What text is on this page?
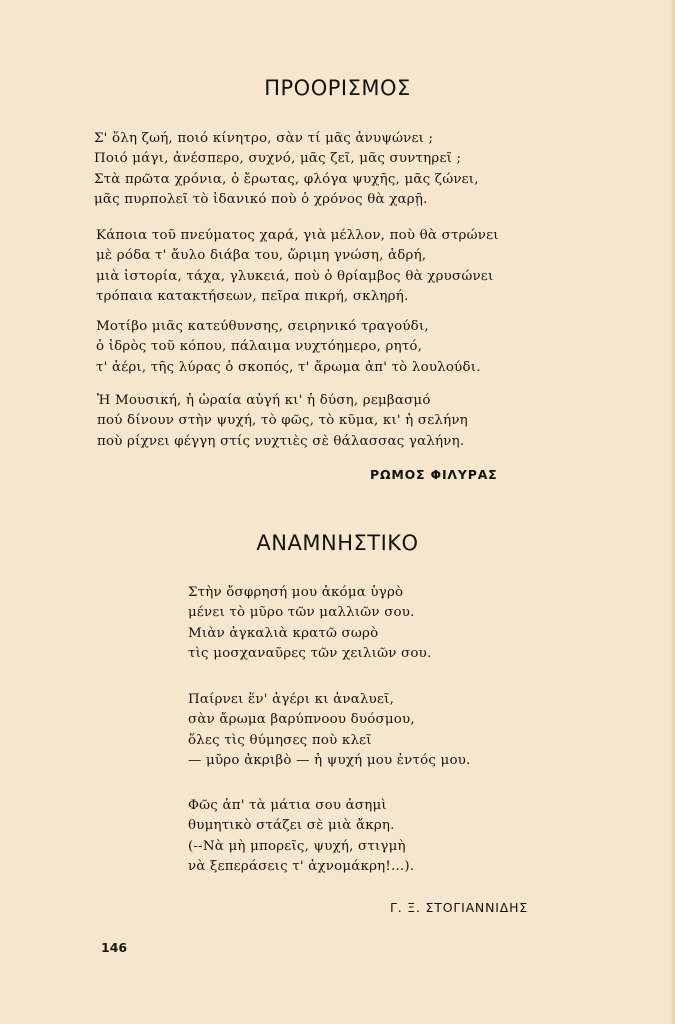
ΠΡΟΟΡΙΣΜΟΣ

Σ' ὅλη ζωή, ποιό κίνητρο, σὰν τί μᾶς ἀνυψώνει ;
Ποιό μάγι, ἀνέσπερο, συχνό, μᾶς ζεῖ, μᾶς συντηρεῖ ;
Στὰ πρῶτα χρόνια, ὁ ἔρωτας, φλόγα ψυχῆς, μᾶς ζώνει,
μᾶς πυρπολεῖ τὸ ἰδανικό ποὺ ὁ χρόνος θὰ χαρῇ.

Κάποια τοῦ πνεύματος χαρά, γιὰ μέλλον, ποὺ θὰ στρώνει
μὲ ρόδα τ' ἄυλο διάβα του, ὥριμη γνώση, ἁδρή,
μιὰ ἱστορία, τάχα, γλυκειά, ποὺ ὁ θρίαμβος θὰ χρυσώνει
τρόπαια κατακτήσεων, πεῖρα πικρή, σκληρή.

Μοτίβο μιᾶς κατεύθυνσης, σειρηνικό τραγούδι,
ὁ ἱδρὸς τοῦ κόπου, πάλαιμα νυχτόημερο, ρητό,
τ' ἀέρι, τῆς λύρας ὁ σκοπός, τ' ἄρωμα ἀπ' τὸ λουλούδι.

Ἡ Μουσική, ἡ ὡραία αὐγή κι' ἡ δύση, ρεμβασμό
πού δίνουν στὴν ψυχή, τὸ φῶς, τὸ κῦμα, κι' ἡ σελήνη
ποὺ ρίχνει φέγγη στίς νυχτιὲς σὲ θάλασσας γαλήνη.

ΡΩΜΟΣ ΦΙΛΥΡΑΣ
ΑΝΑΜΝΗΣΤΙΚΟ

Στὴν ὄσφρησή μου ἀκόμα ὑγρὸ
μένει τὸ μῦρο τῶν μαλλιῶν σου.
Μιὰν ἀγκαλιὰ κρατῶ σωρὸ
τὶς μοσχαναῦρες τῶν χειλιῶν σου.

Παίρνει ἕν' ἀγέρι κι ἀναλυεῖ,
σὰν ἄρωμα βαρύπνοου δυόσμου,
ὅλες τὶς θύμησες ποὺ κλεῖ
— μῦρο ἀκριβὸ — ἡ ψυχή μου ἐντός μου.

Φῶς ἀπ' τὰ μάτια σου ἀσημὶ
θυμητικὸ στάζει σὲ μιὰ ἄκρη.
(--Νὰ μὴ μπορεῖς, ψυχή, στιγμὴ
νὰ ξεπεράσεις τ' ἀχνομάκρη!...).

Γ. Ξ. ΣΤΟΓΙΑΝΝΙΔΗΣ
146
